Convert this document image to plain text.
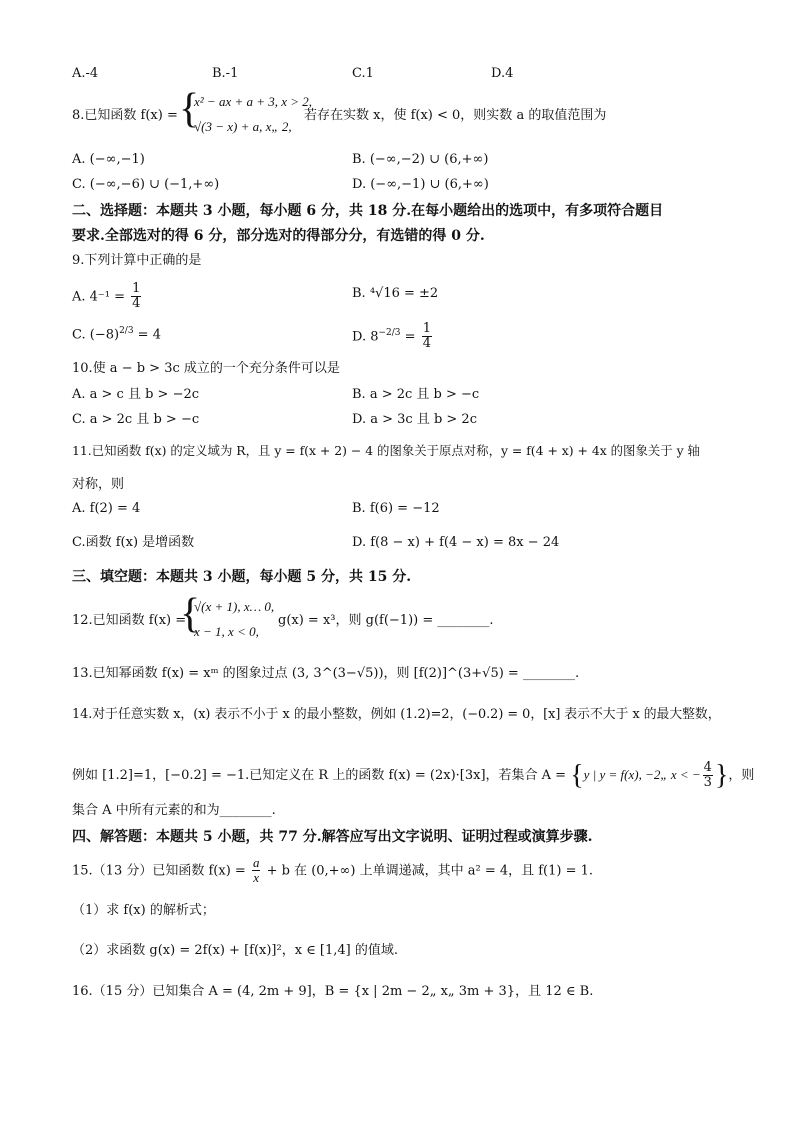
A.-4	B.-1	C.1	D.4
8.已知函数 f(x) = {
x² − ax + a + 3, x > 2,
√(3 − x) + a, x„ 2,
若存在实数 x，使 f(x) < 0，则实数 a 的取值范围为
A. (−∞,−1)	B. (−∞,−2) ∪ (6,+∞)
C. (−∞,−6) ∪ (−1,+∞)	D. (−∞,−1) ∪ (6,+∞)
二、选择题：本题共 3 小题，每小题 6 分，共 18 分.在每小题给出的选项中，有多项符合题目
要求.全部选对的得 6 分，部分选对的得部分分，有选错的得 0 分.
9.下列计算中正确的是
A. $4^{-1} = \frac{1}{4}$	B. ⁴√16 = ±2
C. $(-8)^{2/3} = 4$	D. $8^{-2/3} = \frac{1}{4}$
10.使 a − b > 3c 成立的一个充分条件可以是
A. a > c 且 b > −2c	B. a > 2c 且 b > −c
C. a > 2c 且 b > −c	D. a > 3c 且 b > 2c
11.已知函数 f(x) 的定义域为 R，且 y = f(x + 2) − 4 的图象关于原点对称，y = f(4 + x) + 4x 的图象关于 y 轴
对称，则
A. f(2) = 4	B. f(6) = −12
C.函数 f(x) 是增函数	D. f(8 − x) + f(4 − x) = 8x − 24
三、填空题：本题共 3 小题，每小题 5 分，共 15 分.
12.已知函数 f(x) =
{
√(x + 1), x… 0,
x − 1, x < 0,
g(x) = x³，则 g(f(−1)) = ________.
13.已知幂函数 f(x) = xᵐ 的图象过点 (3, 3^(3−√5))，则 [f(2)]^(3+√5) = ________.
14.对于任意实数 x，(x) 表示不小于 x 的最小整数，例如 (1.2)=2，(−0.2) = 0，[x] 表示不大于 x 的最大整数，
例如 [1.2]=1，[−0.2] = −1.已知定义在 R 上的函数 f(x) = (2x)·[3x]，若集合 A = {y | y = f(x), −2„ x < − $\frac{4}{3}$ }，则
集合 A 中所有元素的和为________.
四、解答题：本题共 5 小题，共 77 分.解答应写出文字说明、证明过程或演算步骤.
15.（13 分）已知函数 $f(x) = \frac{a}{x} + b$ 在 (0,+∞) 上单调递减，其中 a² = 4，且 f(1) = 1.
（1）求 f(x) 的解析式；
（2）求函数 g(x) = 2f(x) + [f(x)]²，x ∈ [1,4] 的值域.
16.（15 分）已知集合 A = (4, 2m + 9]，B = {x | 2m − 2„ x„ 3m + 3}，且 12 ∈ B.
